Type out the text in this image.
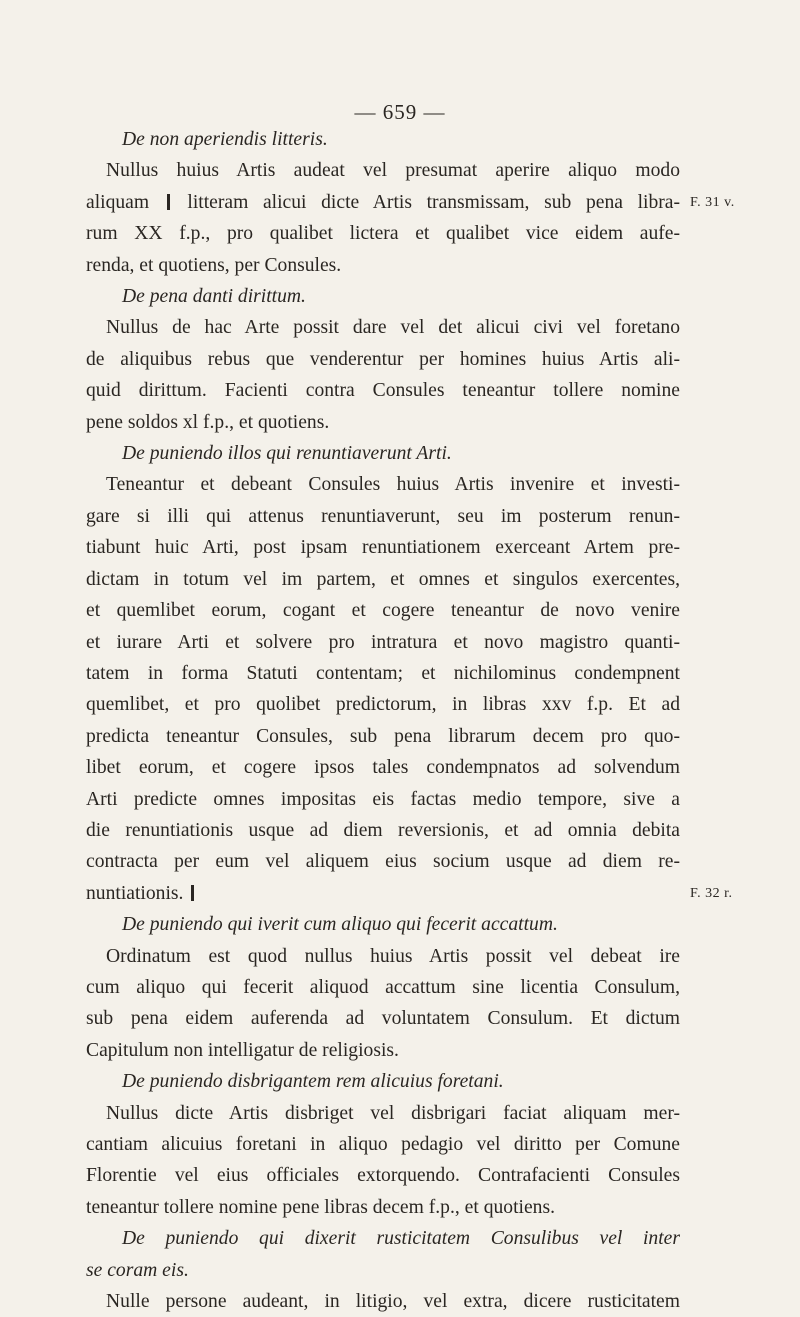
— 659 —
De non aperiendis litteris.
Nullus huius Artis audeat vel presumat aperire aliquo modo
aliquam  litteram alicui dicte Artis transmissam, sub pena libra-
rum XX f.p., pro qualibet lictera et qualibet vice eidem aufe-
renda, et quotiens, per Consules.
De pena danti dirittum.
Nullus de hac Arte possit dare vel det alicui civi vel foretano
de aliquibus rebus que venderentur per homines huius Artis ali-
quid dirittum. Facienti contra Consules teneantur tollere nomine
pene soldos xl f.p., et quotiens.
De puniendo illos qui renuntiaverunt Arti.
Teneantur et debeant Consules huius Artis invenire et investi-
gare si illi qui attenus renuntiaverunt, seu im posterum renun-
tiabunt huic Arti, post ipsam renuntiationem exerceant Artem pre-
dictam in totum vel im partem, et omnes et singulos exercentes,
et quemlibet eorum, cogant et cogere teneantur de novo venire
et iurare Arti et solvere pro intratura et novo magistro quanti-
tatem in forma Statuti contentam; et nichilominus condempnent
quemlibet, et pro quolibet predictorum, in libras xxv f.p. Et ad
predicta teneantur Consules, sub pena librarum decem pro quo-
libet eorum, et cogere ipsos tales condempnatos ad solvendum
Arti predicte omnes impositas eis factas medio tempore, sive a
die renuntiationis usque ad diem reversionis, et ad omnia debita
contracta per eum vel aliquem eius socium usque ad diem re-
nuntiationis.
De puniendo qui iverit cum aliquo qui fecerit accattum.
Ordinatum est quod nullus huius Artis possit vel debeat ire
cum aliquo qui fecerit aliquod accattum sine licentia Consulum,
sub pena eidem auferenda ad voluntatem Consulum. Et dictum
Capitulum non intelligatur de religiosis.
De puniendo disbrigantem rem alicuius foretani.
Nullus dicte Artis disbriget vel disbrigari faciat aliquam mer-
cantiam alicuius foretani in aliquo pedagio vel diritto per Comune
Florentie vel eius officiales extorquendo. Contrafacienti Consules
teneantur tollere nomine pene libras decem f.p., et quotiens.
De puniendo qui dixerit rusticitatem Consulibus vel inter
se coram eis.
Nulle persone audeant, in litigio, vel extra, dicere rusticitatem
F. 31 v.
F. 32 r.
